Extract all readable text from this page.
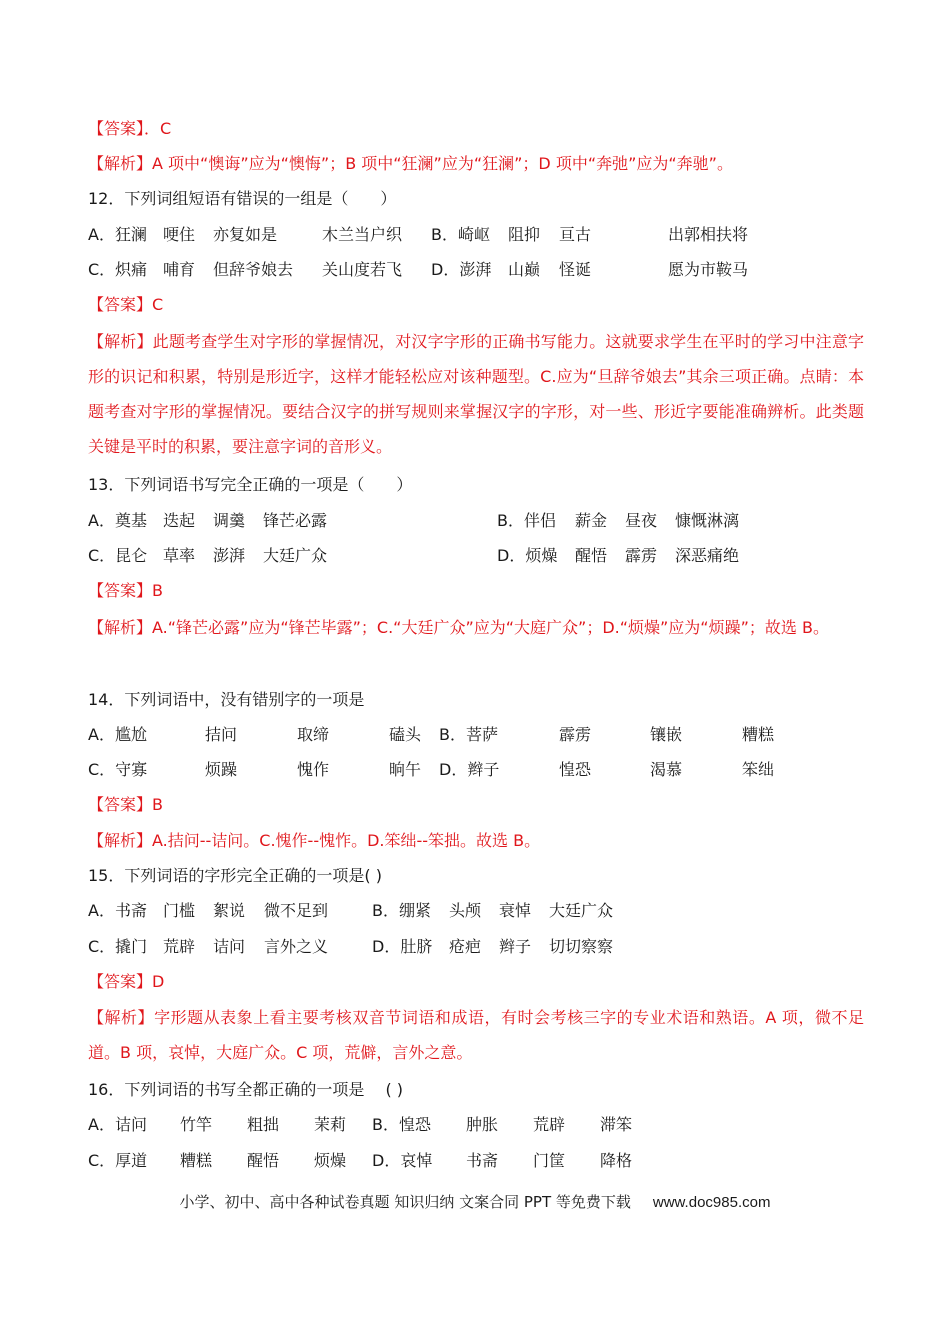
【答案】．C
【解析】A 项中“懊诲”应为“懊悔”；B 项中“狂澜”应为“狂澜”；D 项中“奔弛”应为“奔驰”。
12．下列词组短语有错误的一组是（　　）
A．狂澜 哽住 亦复如是	木兰当户织 B．崎岖 阻抑 亘古	出郭相扶将
C．炽痛 哺育 但辞爷娘去 关山度若飞 D．澎湃 山巅 怪诞	愿为市鞍马
【答案】C
【解析】此题考查学生对字形的掌握情况，对汉字字形的正确书写能力。这就要求学生在平时的学习中注意字形的识记和积累，特别是形近字，这样才能轻松应对该种题型。C.应为“旦辞爷娘去”其余三项正确。点睛：本题考查对字形的掌握情况。要结合汉字的拼写规则来掌握汉字的字形，对一些、形近字要能准确辨析。此类题关键是平时的积累，要注意字词的音形义。
13．下列词语书写完全正确的一项是（　　）
A．奠基 迭起 调羹 锋芒必露	B．伴侣 薪金 昼夜 慷慨淋漓
C．昆仑 草率 澎湃 大廷广众	D．烦燥 醒悟 霹雳 深恶痛绝
【答案】B
【解析】A.“锋芒必露”应为“锋芒毕露”；C.“大廷广众”应为“大庭广众”；D.“烦燥”应为“烦躁”；故选 B。
14．下列词语中，没有错别字的一项是
A．尴尬	拮问	取缔	磕头 B．菩萨	霹雳	镶嵌	糟糕
C．守寡	烦躁	愧作	晌午 D．辫子	惶恐	渴慕	笨绌
【答案】B
【解析】A.拮问--诘问。C.愧作--愧怍。D.笨绌--笨拙。故选 B。
15．下列词语的字形完全正确的一项是( )
A．书斋 门槛 絮说 微不足到	B．绷紧 头颅 衰悼 大廷广众
C．撬门 荒辟 诘问 言外之义	D．肚脐 疮疤 辫子 切切察察
【答案】D
【解析】字形题从表象上看主要考核双音节词语和成语，有时会考核三字的专业术语和熟语。A 项，微不足道。B 项，哀悼，大庭广众。C 项，荒僻，言外之意。
16．下列词语的书写全都正确的一项是　 ( )
A．诘问 竹竿 粗拙 茉莉 B．惶恐 肿胀 荒辟 滞笨
C．厚道 糟糕 醒悟 烦燥 D．哀悼 书斋 门筐 降格
小学、初中、高中各种试卷真题 知识归纳 文案合同 PPT 等免费下载 www.doc985.com
